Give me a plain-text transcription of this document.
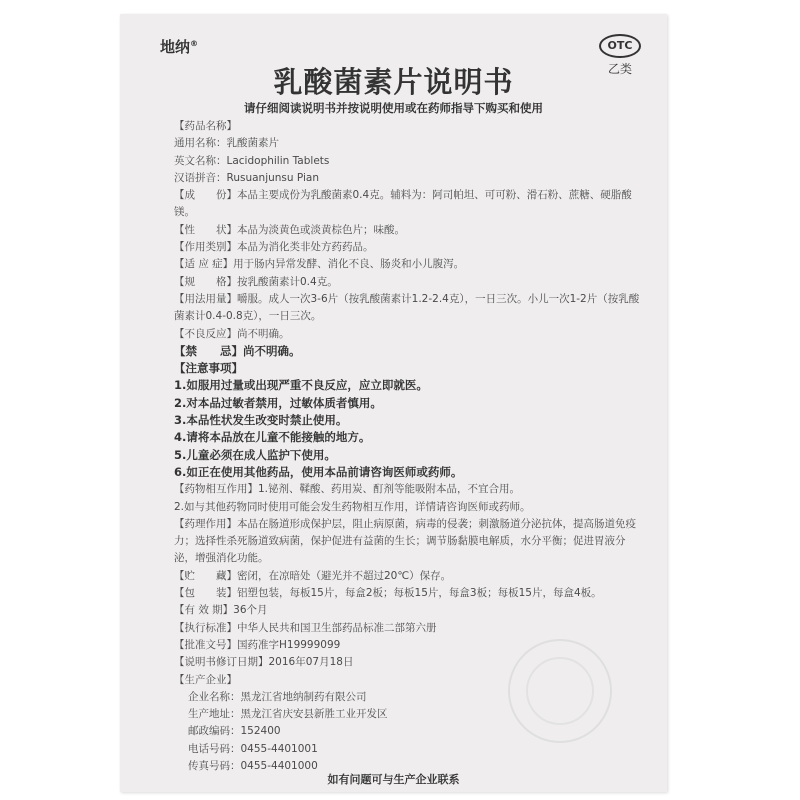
地纳®	OTC
乙类
乳酸菌素片说明书
请仔细阅读说明书并按说明使用或在药师指导下购买和使用
【药品名称】
通用名称：乳酸菌素片
英文名称：Lacidophilin Tablets
汉语拼音：Rusuanjunsu Pian
【成　　份】本品主要成份为乳酸菌素0.4克。辅料为：阿司帕坦、可可粉、滑石粉、蔗糖、硬脂酸镁。
【性　　状】本品为淡黄色或淡黄棕色片；味酸。
【作用类别】本品为消化类非处方药药品。
【适 应 症】用于肠内异常发酵、消化不良、肠炎和小儿腹泻。
【规　　格】按乳酸菌素计0.4克。
【用法用量】嚼服。成人一次3-6片（按乳酸菌素计1.2-2.4克），一日三次。小儿一次1-2片（按乳酸菌素计0.4-0.8克），一日三次。
【不良反应】尚不明确。
【禁　　忌】尚不明确。
【注意事项】
1.如服用过量或出现严重不良反应，应立即就医。
2.对本品过敏者禁用，过敏体质者慎用。
3.本品性状发生改变时禁止使用。
4.请将本品放在儿童不能接触的地方。
5.儿童必须在成人监护下使用。
6.如正在使用其他药品，使用本品前请咨询医师或药师。
【药物相互作用】1.铋剂、鞣酸、药用炭、酊剂等能吸附本品，不宜合用。
2.如与其他药物同时使用可能会发生药物相互作用，详情请咨询医师或药师。
【药理作用】本品在肠道形成保护层，阻止病原菌，病毒的侵袭；刺激肠道分泌抗体，提高肠道免疫力；选择性杀死肠道致病菌，保护促进有益菌的生长；调节肠黏膜电解质，水分平衡；促进胃液分泌，增强消化功能。
【贮　　藏】密闭，在凉暗处（避光并不超过20℃）保存。
【包　　装】铝塑包装，每板15片，每盒2板；每板15片，每盒3板；每板15片，每盒4板。
【有 效 期】36个月
【执行标准】中华人民共和国卫生部药品标准二部第六册
【批准文号】国药准字H19999099
【说明书修订日期】2016年07月18日
【生产企业】
企业名称：黑龙江省地纳制药有限公司
生产地址：黑龙江省庆安县新胜工业开发区
邮政编码：152400
电话号码：0455-4401001
传真号码：0455-4401000
如有问题可与生产企业联系
